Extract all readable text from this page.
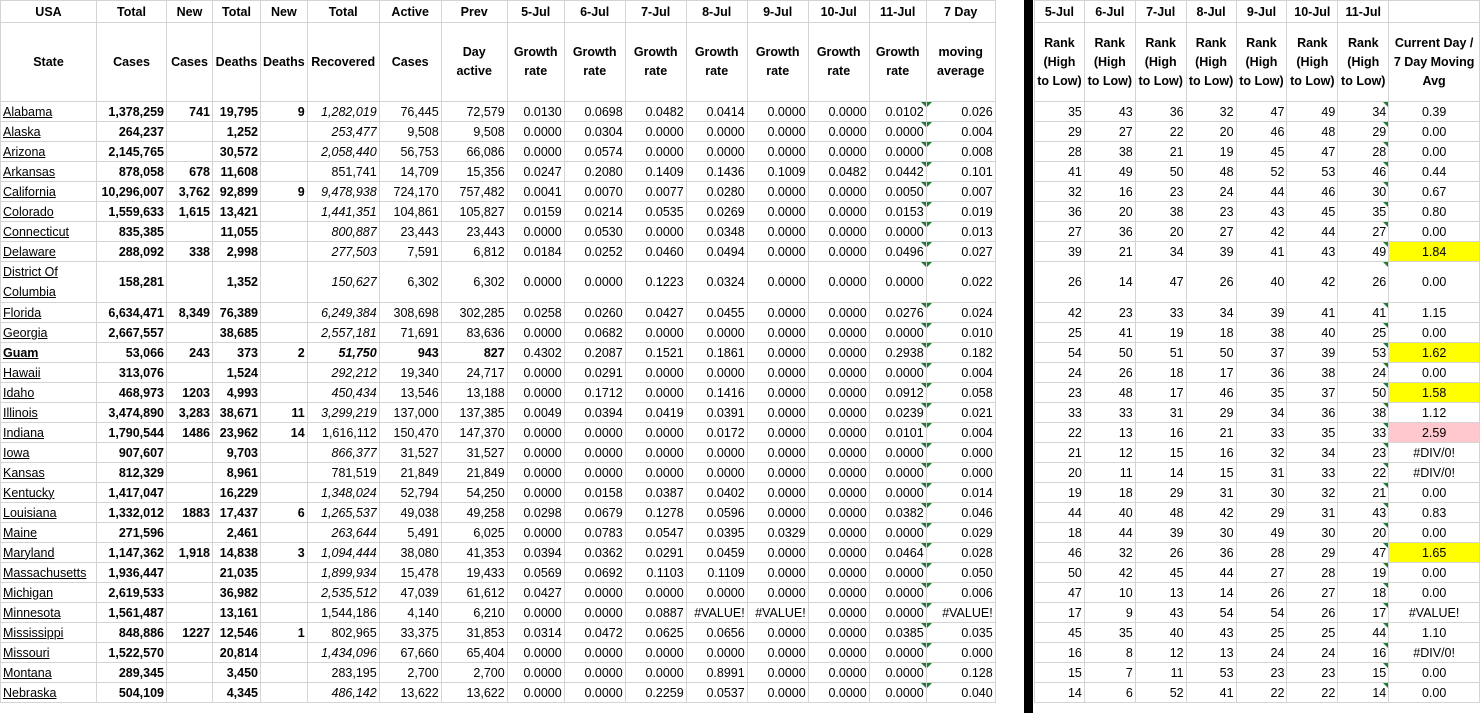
USA	Total	New	Total	New	Total	Active	Prev	5-Jul	6-Jul	7-Jul	8-Jul	9-Jul	10-Jul	11-Jul	7 Day
State	Cases	Cases	Deaths	Deaths	Recovered	Cases	Day active	Growth rate	Growth rate	Growth rate	Growth rate	Growth rate	Growth rate	Growth rate	moving average
Alabama	1,378,259	741	19,795	9	1,282,019	76,445	72,579	0.0130	0.0698	0.0482	0.0414	0.0000	0.0000	0.0102	0.026
Alaska	264,237		1,252		253,477	9,508	9,508	0.0000	0.0304	0.0000	0.0000	0.0000	0.0000	0.0000	0.004
Arizona	2,145,765		30,572		2,058,440	56,753	66,086	0.0000	0.0574	0.0000	0.0000	0.0000	0.0000	0.0000	0.008
Arkansas	878,058	678	11,608		851,741	14,709	15,356	0.0247	0.2080	0.1409	0.1436	0.1009	0.0482	0.0442	0.101
California	10,296,007	3,762	92,899	9	9,478,938	724,170	757,482	0.0041	0.0070	0.0077	0.0280	0.0000	0.0000	0.0050	0.007
Colorado	1,559,633	1,615	13,421		1,441,351	104,861	105,827	0.0159	0.0214	0.0535	0.0269	0.0000	0.0000	0.0153	0.019
Connecticut	835,385		11,055		800,887	23,443	23,443	0.0000	0.0530	0.0000	0.0348	0.0000	0.0000	0.0000	0.013
Delaware	288,092	338	2,998		277,503	7,591	6,812	0.0184	0.0252	0.0460	0.0494	0.0000	0.0000	0.0496	0.027
District Of Columbia	158,281		1,352		150,627	6,302	6,302	0.0000	0.0000	0.1223	0.0324	0.0000	0.0000	0.0000	0.022
Florida	6,634,471	8,349	76,389		6,249,384	308,698	302,285	0.0258	0.0260	0.0427	0.0455	0.0000	0.0000	0.0276	0.024
Georgia	2,667,557		38,685		2,557,181	71,691	83,636	0.0000	0.0682	0.0000	0.0000	0.0000	0.0000	0.0000	0.010
Guam	53,066	243	373	2	51,750	943	827	0.4302	0.2087	0.1521	0.1861	0.0000	0.0000	0.2938	0.182
Hawaii	313,076		1,524		292,212	19,340	24,717	0.0000	0.0291	0.0000	0.0000	0.0000	0.0000	0.0000	0.004
Idaho	468,973	1203	4,993		450,434	13,546	13,188	0.0000	0.1712	0.0000	0.1416	0.0000	0.0000	0.0912	0.058
Illinois	3,474,890	3,283	38,671	11	3,299,219	137,000	137,385	0.0049	0.0394	0.0419	0.0391	0.0000	0.0000	0.0239	0.021
Indiana	1,790,544	1486	23,962	14	1,616,112	150,470	147,370	0.0000	0.0000	0.0000	0.0172	0.0000	0.0000	0.0101	0.004
Iowa	907,607		9,703		866,377	31,527	31,527	0.0000	0.0000	0.0000	0.0000	0.0000	0.0000	0.0000	0.000
Kansas	812,329		8,961		781,519	21,849	21,849	0.0000	0.0000	0.0000	0.0000	0.0000	0.0000	0.0000	0.000
Kentucky	1,417,047		16,229		1,348,024	52,794	54,250	0.0000	0.0158	0.0387	0.0402	0.0000	0.0000	0.0000	0.014
Louisiana	1,332,012	1883	17,437	6	1,265,537	49,038	49,258	0.0298	0.0679	0.1278	0.0596	0.0000	0.0000	0.0382	0.046
Maine	271,596		2,461		263,644	5,491	6,025	0.0000	0.0783	0.0547	0.0395	0.0329	0.0000	0.0000	0.029
Maryland	1,147,362	1,918	14,838	3	1,094,444	38,080	41,353	0.0394	0.0362	0.0291	0.0459	0.0000	0.0000	0.0464	0.028
Massachusetts	1,936,447		21,035		1,899,934	15,478	19,433	0.0569	0.0692	0.1103	0.1109	0.0000	0.0000	0.0000	0.050
Michigan	2,619,533		36,982		2,535,512	47,039	61,612	0.0427	0.0000	0.0000	0.0000	0.0000	0.0000	0.0000	0.006
Minnesota	1,561,487		13,161		1,544,186	4,140	6,210	0.0000	0.0000	0.0887	#VALUE!	#VALUE!	0.0000	0.0000	#VALUE!
Mississippi	848,886	1227	12,546	1	802,965	33,375	31,853	0.0314	0.0472	0.0625	0.0656	0.0000	0.0000	0.0385	0.035
Missouri	1,522,570		20,814		1,434,096	67,660	65,404	0.0000	0.0000	0.0000	0.0000	0.0000	0.0000	0.0000	0.000
Montana	289,345		3,450		283,195	2,700	2,700	0.0000	0.0000	0.0000	0.8991	0.0000	0.0000	0.0000	0.128
Nebraska	504,109		4,345		486,142	13,622	13,622	0.0000	0.0000	0.2259	0.0537	0.0000	0.0000	0.0000	0.040
5-Jul	6-Jul	7-Jul	8-Jul	9-Jul	10-Jul	11-Jul	
Rank (High to Low)	Rank (High to Low)	Rank (High to Low)	Rank (High to Low)	Rank (High to Low)	Rank (High to Low)	Rank (High to Low)	Current Day / 7 Day Moving Avg
35	43	36	32	47	49	34	0.39
29	27	22	20	46	48	29	0.00
28	38	21	19	45	47	28	0.00
41	49	50	48	52	53	46	0.44
32	16	23	24	44	46	30	0.67
36	20	38	23	43	45	35	0.80
27	36	20	27	42	44	27	0.00
39	21	34	39	41	43	49	1.84
26	14	47	26	40	42	26	0.00
42	23	33	34	39	41	41	1.15
25	41	19	18	38	40	25	0.00
54	50	51	50	37	39	53	1.62
24	26	18	17	36	38	24	0.00
23	48	17	46	35	37	50	1.58
33	33	31	29	34	36	38	1.12
22	13	16	21	33	35	33	2.59
21	12	15	16	32	34	23	#DIV/0!
20	11	14	15	31	33	22	#DIV/0!
19	18	29	31	30	32	21	0.00
44	40	48	42	29	31	43	0.83
18	44	39	30	49	30	20	0.00
46	32	26	36	28	29	47	1.65
50	42	45	44	27	28	19	0.00
47	10	13	14	26	27	18	0.00
17	9	43	54	54	26	17	#VALUE!
45	35	40	43	25	25	44	1.10
16	8	12	13	24	24	16	#DIV/0!
15	7	11	53	23	23	15	0.00
14	6	52	41	22	22	14	0.00
